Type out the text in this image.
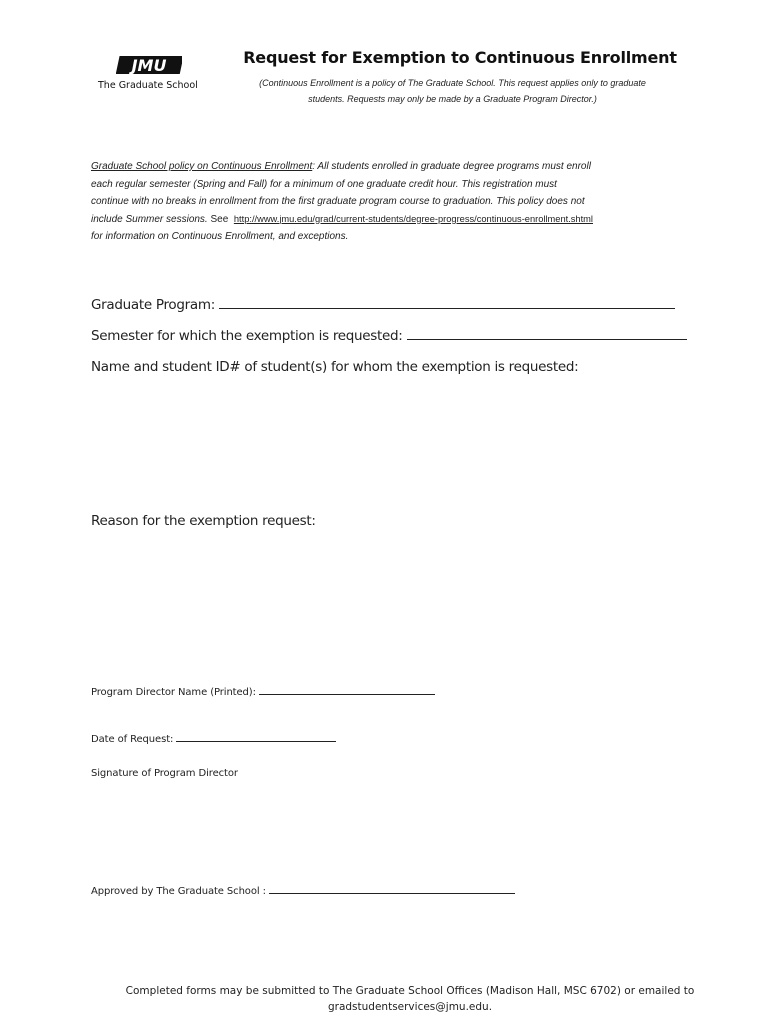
JMU
The Graduate School
Request for Exemption to Continuous Enrollment
(Continuous Enrollment is a policy of The Graduate School. This request applies only to graduate
students. Requests may only be made by a Graduate Program Director.)
Graduate School policy on Continuous Enrollment: All students enrolled in graduate degree programs must enroll
each regular semester (Spring and Fall) for a minimum of one graduate credit hour. This registration must
continue with no breaks in enrollment from the first graduate program course to graduation. This policy does not
include Summer sessions. See http://www.jmu.edu/grad/current-students/degree-progress/continuous-enrollment.shtml
for information on Continuous Enrollment, and exceptions.
Graduate Program:
Semester for which the exemption is requested:
Name and student ID# of student(s) for whom the exemption is requested:
Reason for the exemption request:
Program Director Name (Printed):
Date of Request:
Signature of Program Director
Approved by The Graduate School :
Completed forms may be submitted to The Graduate School Offices (Madison Hall, MSC 6702) or emailed to
gradstudentservices@jmu.edu.
